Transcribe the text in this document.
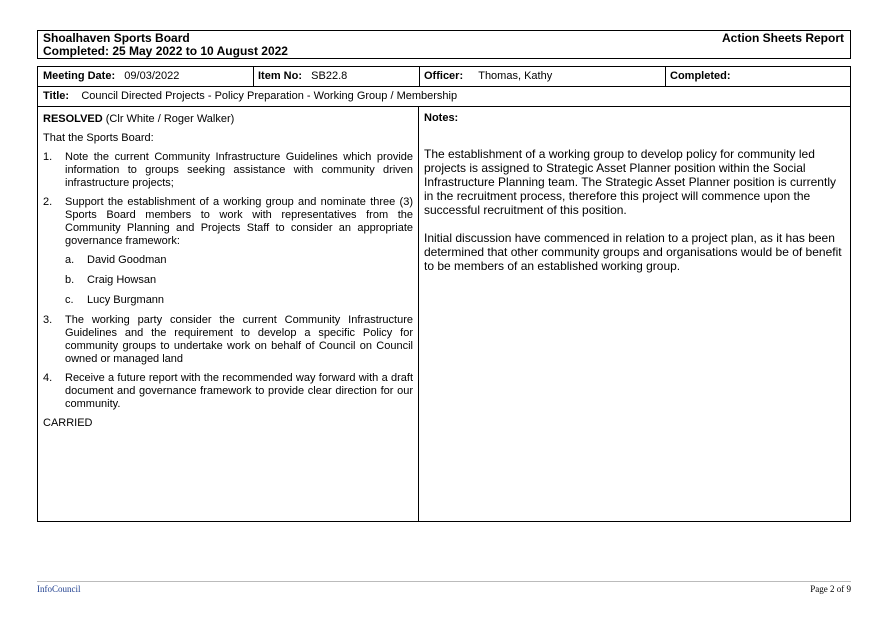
Shoalhaven Sports Board
Completed: 25 May 2022 to 10 August 2022
Action Sheets Report
Meeting Date: 09/03/2022	Item No: SB22.8	Officer: Thomas, Kathy	Completed:
Title: Council Directed Projects - Policy Preparation - Working Group / Membership

RESOLVED (Clr White / Roger Walker)

That the Sports Board:

1.	Note the current Community Infrastructure Guidelines which provide information to groups seeking assistance with community driven infrastructure projects;
2.	Support the establishment of a working group and nominate three (3) Sports Board members to work with representatives from the Community Planning and Projects Staff to consider an appropriate governance framework:
a.	David Goodman
b.	Craig Howsan
c.	Lucy Burgmann
3.	The working party consider the current Community Infrastructure Guidelines and the requirement to develop a specific Policy for community groups to undertake work on behalf of Council on Council owned or managed land
4.	Receive a future report with the recommended way forward with a draft document and governance framework to provide clear direction for our community.

CARRIED

Notes:

The establishment of a working group to develop policy for community led projects is assigned to Strategic Asset Planner position within the Social Infrastructure Planning team. The Strategic Asset Planner position is currently in the recruitment process, therefore this project will commence upon the successful recruitment of this position.

Initial discussion have commenced in relation to a project plan, as it has been determined that other community groups and organisations would be of benefit to be members of an established working group.

InfoCouncil	Page 2 of 9
